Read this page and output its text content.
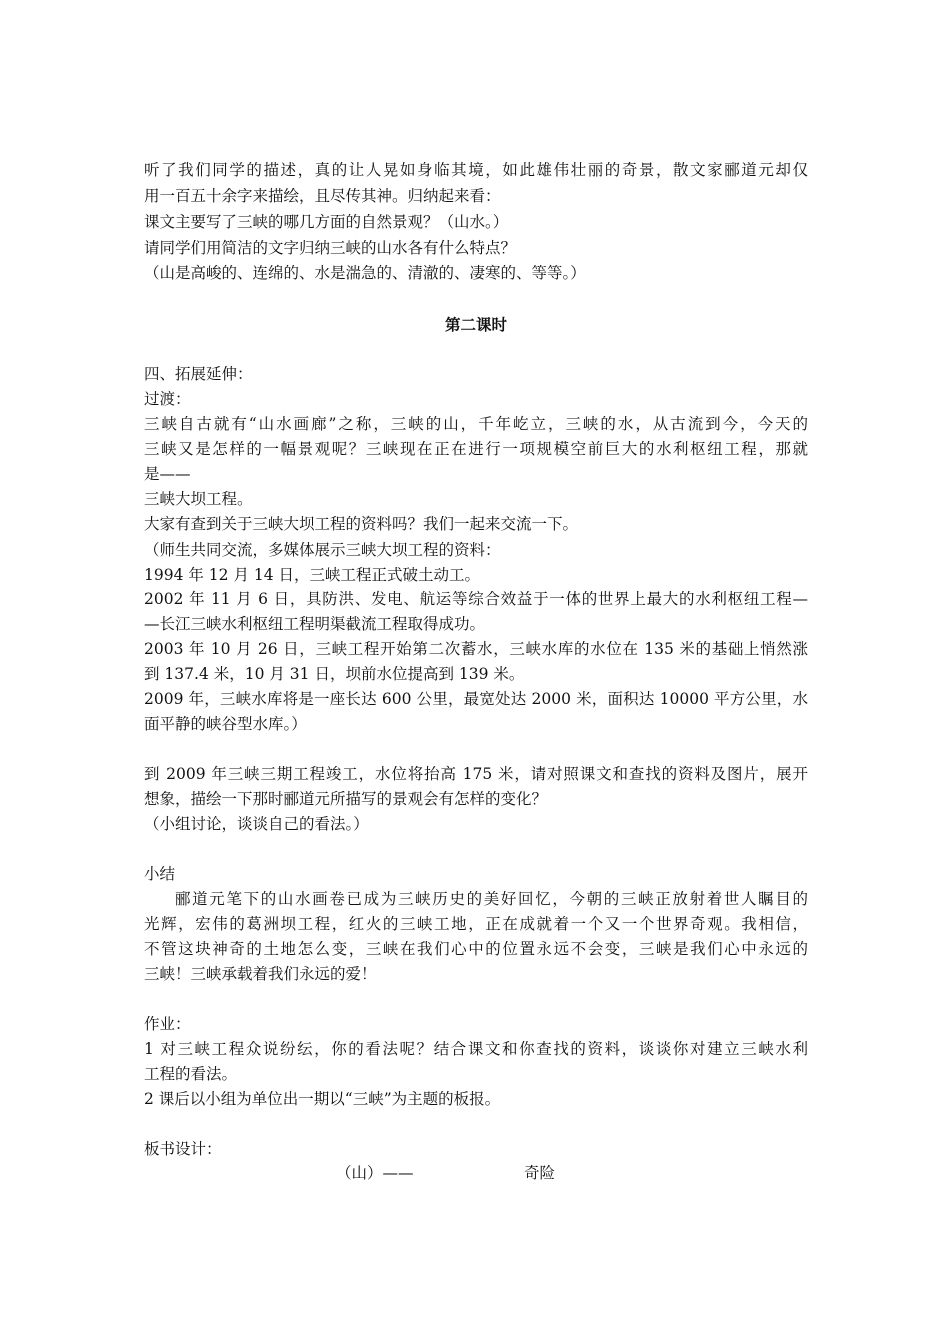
听了我们同学的描述，真的让人晃如身临其境，如此雄伟壮丽的奇景，散文家郦道元却仅
用一百五十余字来描绘，且尽传其神。归纳起来看：
课文主要写了三峡的哪几方面的自然景观？（山水。）
请同学们用简洁的文字归纳三峡的山水各有什么特点？
（山是高峻的、连绵的、水是湍急的、清澈的、凄寒的、等等。）
第二课时
四、拓展延伸：
过渡：
三峡自古就有“山水画廊”之称，三峡的山，千年屹立，三峡的水，从古流到今，今天的
三峡又是怎样的一幅景观呢？三峡现在正在进行一项规模空前巨大的水利枢纽工程，那就
是——
三峡大坝工程。
大家有查到关于三峡大坝工程的资料吗？我们一起来交流一下。
（师生共同交流，多媒体展示三峡大坝工程的资料：
1994 年 12 月 14 日，三峡工程正式破土动工。
2002 年 11 月 6 日，具防洪、发电、航运等综合效益于一体的世界上最大的水利枢纽工程—
—长江三峡水利枢纽工程明渠截流工程取得成功。
2003 年 10 月 26 日，三峡工程开始第二次蓄水，三峡水库的水位在 135 米的基础上悄然涨
到 137.4 米，10 月 31 日，坝前水位提高到 139 米。
2009 年，三峡水库将是一座长达 600 公里，最宽处达 2000 米，面积达 10000 平方公里，水
面平静的峡谷型水库。）
到 2009 年三峡三期工程竣工，水位将抬高 175 米，请对照课文和查找的资料及图片，展开
想象，描绘一下那时郦道元所描写的景观会有怎样的变化？
（小组讨论，谈谈自己的看法。）
小结
郦道元笔下的山水画卷已成为三峡历史的美好回忆，今朝的三峡正放射着世人瞩目的
光辉，宏伟的葛洲坝工程，红火的三峡工地，正在成就着一个又一个世界奇观。我相信，
不管这块神奇的土地怎么变，三峡在我们心中的位置永远不会变，三峡是我们心中永远的
三峡！三峡承载着我们永远的爱！
作业：
1 对三峡工程众说纷纭，你的看法呢？结合课文和你查找的资料，谈谈你对建立三峡水利
工程的看法。
2 课后以小组为单位出一期以“三峡”为主题的板报。
板书设计：
（山）——	奇险
